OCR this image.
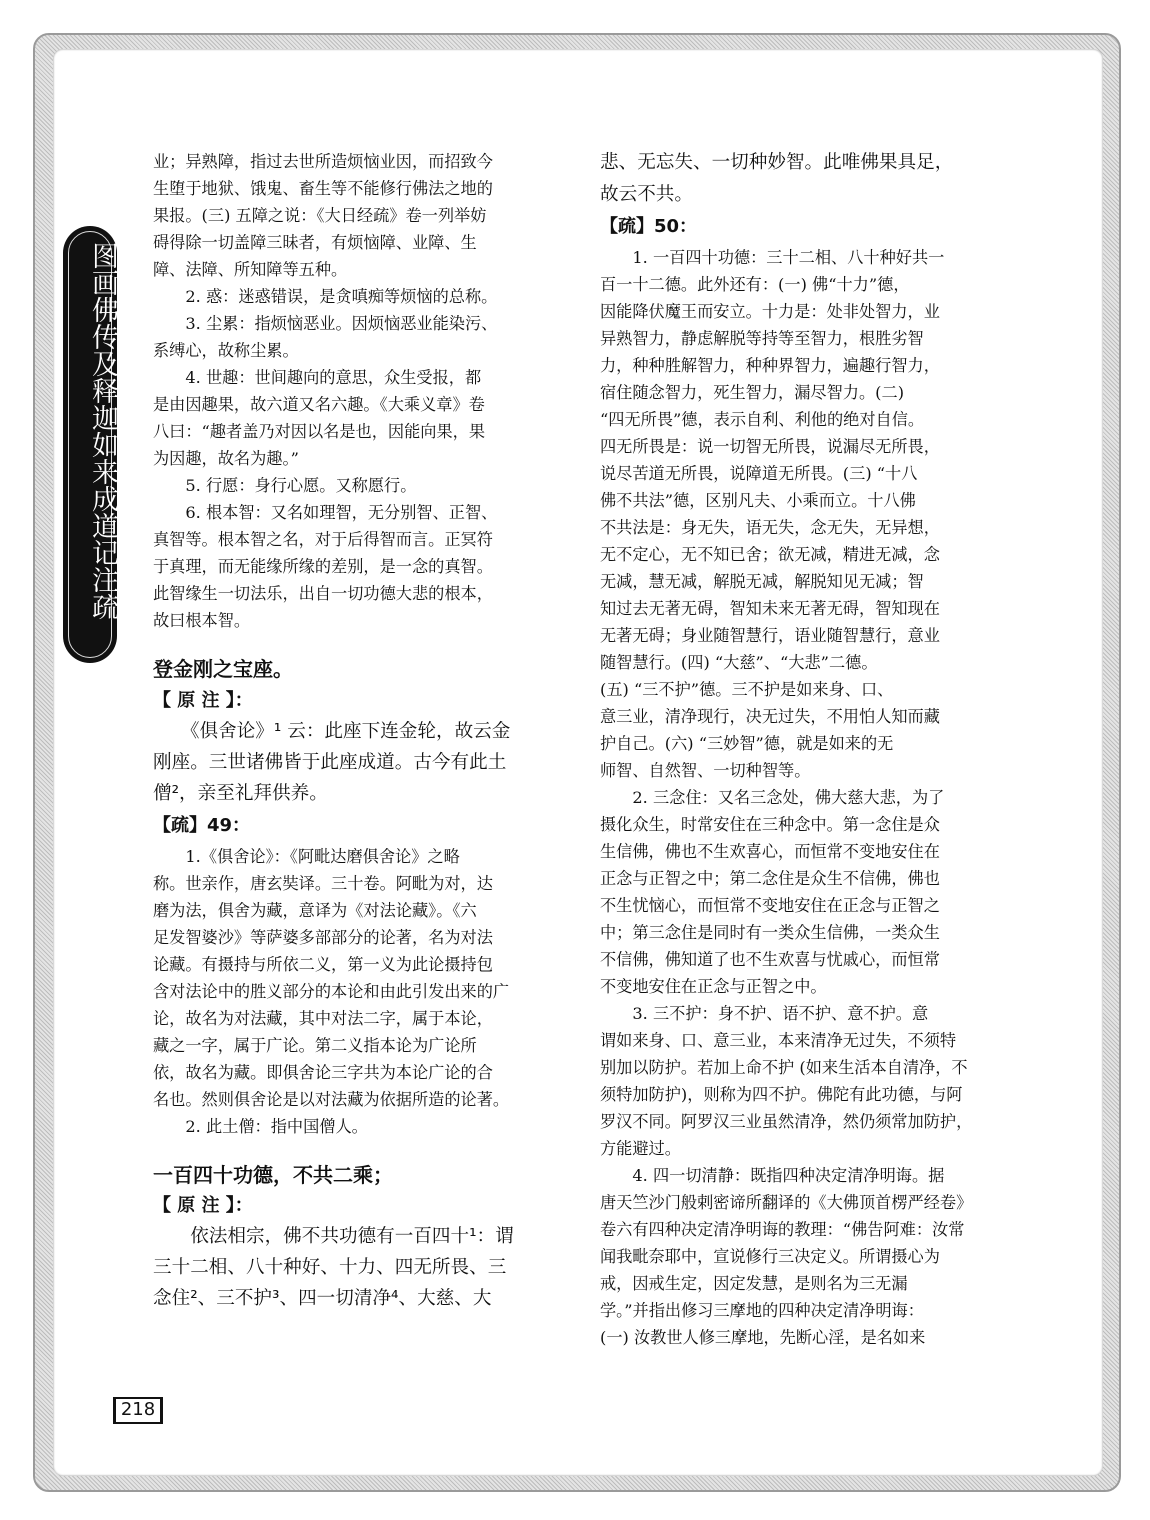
图画佛传及释迦如来成道记注疏
业；异熟障，指过去世所造烦恼业因，而招致今
生堕于地狱、饿鬼、畜生等不能修行佛法之地的
果报。(三) 五障之说：《大日经疏》卷一列举妨
碍得除一切盖障三昧者，有烦恼障、业障、生
障、法障、所知障等五种。
　　2. 惑：迷惑错误，是贪嗔痴等烦恼的总称。
　　3. 尘累：指烦恼恶业。因烦恼恶业能染污、
系缚心，故称尘累。
　　4. 世趣：世间趣向的意思，众生受报，都
是由因趣果，故六道又名六趣。《大乘义章》卷
八曰：“趣者盖乃对因以名是也，因能向果，果
为因趣，故名为趣。”
　　5. 行愿：身行心愿。又称愿行。
　　6. 根本智：又名如理智，无分别智、正智、
真智等。根本智之名，对于后得智而言。正冥符
于真理，而无能缘所缘的差别，是一念的真智。
此智缘生一切法乐，出自一切功德大悲的根本，
故曰根本智。
登金刚之宝座。
【 原 注 】：
　　《俱舍论》¹ 云：此座下连金轮，故云金
刚座。三世诸佛皆于此座成道。古今有此土
僧²，亲至礼拜供养。
【疏】49：
　　1.《俱舍论》：《阿毗达磨俱舍论》之略
称。世亲作，唐玄奘译。三十卷。阿毗为对，达
磨为法，俱舍为藏，意译为《对法论藏》。《六
足发智婆沙》等萨婆多部部分的论著，名为对法
论藏。有摄持与所依二义，第一义为此论摄持包
含对法论中的胜义部分的本论和由此引发出来的广
论，故名为对法藏，其中对法二字，属于本论，
藏之一字，属于广论。第二义指本论为广论所
依，故名为藏。即俱舍论三字共为本论广论的合
名也。然则俱舍论是以对法藏为依据所造的论著。
　　2. 此土僧：指中国僧人。
一百四十功德，不共二乘；
【 原 注 】：
　　依法相宗，佛不共功德有一百四十¹：谓
三十二相、八十种好、十力、四无所畏、三
念住²、三不护³、四一切清净⁴、大慈、大
悲、无忘失、一切种妙智。此唯佛果具足，
故云不共。
【疏】50：
　　1. 一百四十功德：三十二相、八十种好共一
百一十二德。此外还有：(一) 佛“十力”德，
因能降伏魔王而安立。十力是：处非处智力，业
异熟智力，静虑解脱等持等至智力，根胜劣智
力，种种胜解智力，种种界智力，遍趣行智力，
宿住随念智力，死生智力，漏尽智力。(二)
“四无所畏”德，表示自利、利他的绝对自信。
四无所畏是：说一切智无所畏，说漏尽无所畏，
说尽苦道无所畏，说障道无所畏。(三) “十八
佛不共法”德，区别凡夫、小乘而立。十八佛
不共法是：身无失，语无失，念无失，无异想，
无不定心，无不知已舍；欲无减，精进无减，念
无减，慧无减，解脱无减，解脱知见无减；智
知过去无著无碍，智知未来无著无碍，智知现在
无著无碍；身业随智慧行，语业随智慧行，意业
随智慧行。(四) “大慈”、“大悲”二德。
(五) “三不护”德。三不护是如来身、口、
意三业，清净现行，决无过失，不用怕人知而藏
护自己。(六) “三妙智”德，就是如来的无
师智、自然智、一切种智等。
　　2. 三念住：又名三念处，佛大慈大悲，为了
摄化众生，时常安住在三种念中。第一念住是众
生信佛，佛也不生欢喜心，而恒常不变地安住在
正念与正智之中；第二念住是众生不信佛，佛也
不生忧恼心，而恒常不变地安住在正念与正智之
中；第三念住是同时有一类众生信佛，一类众生
不信佛，佛知道了也不生欢喜与忧戚心，而恒常
不变地安住在正念与正智之中。
　　3. 三不护：身不护、语不护、意不护。意
谓如来身、口、意三业，本来清净无过失，不须特
别加以防护。若加上命不护 (如来生活本自清净，不
须特加防护)，则称为四不护。佛陀有此功德，与阿
罗汉不同。阿罗汉三业虽然清净，然仍须常加防护，
方能避过。
　　4. 四一切清静：既指四种决定清净明诲。据
唐天竺沙门般剌密谛所翻译的《大佛顶首楞严经卷》
卷六有四种决定清净明诲的教理：“佛告阿难：汝常
闻我毗奈耶中，宣说修行三决定义。所谓摄心为
戒，因戒生定，因定发慧，是则名为三无漏
学。”并指出修习三摩地的四种决定清净明诲：
(一) 汝教世人修三摩地，先断心淫，是名如来
218
